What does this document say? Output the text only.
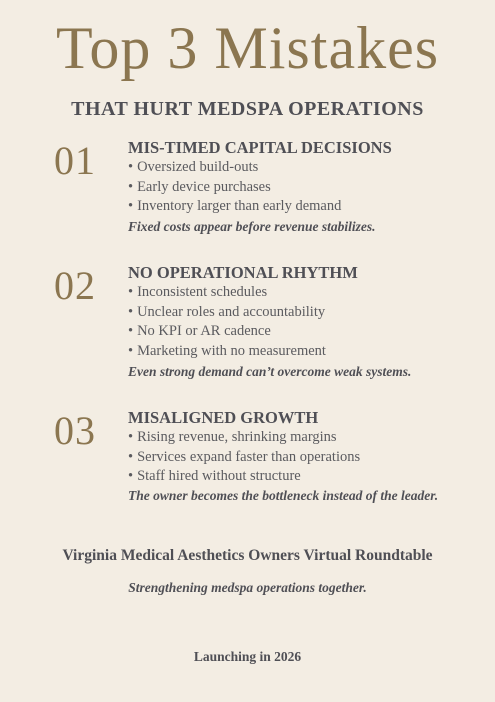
Top 3 Mistakes
THAT HURT MEDSPA OPERATIONS
01 MIS-TIMED CAPITAL DECISIONS
• Oversized build-outs
• Early device purchases
• Inventory larger than early demand
Fixed costs appear before revenue stabilizes.
02 NO OPERATIONAL RHYTHM
• Inconsistent schedules
• Unclear roles and accountability
• No KPI or AR cadence
• Marketing with no measurement
Even strong demand can’t overcome weak systems.
03 MISALIGNED GROWTH
• Rising revenue, shrinking margins
• Services expand faster than operations
• Staff hired without structure
The owner becomes the bottleneck instead of the leader.
Virginia Medical Aesthetics Owners Virtual Roundtable
Strengthening medspa operations together.
Launching in 2026
